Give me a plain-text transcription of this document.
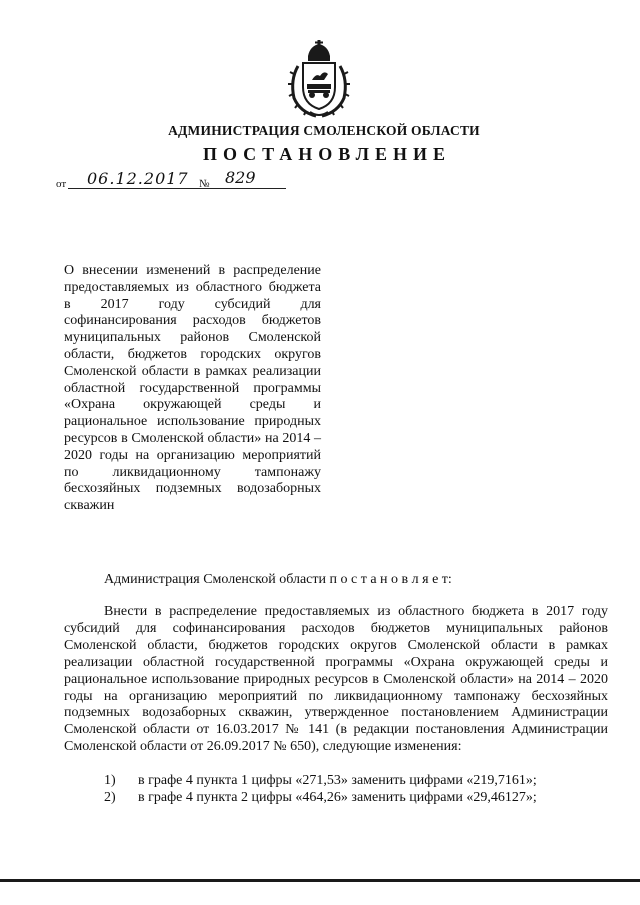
АДМИНИСТРАЦИЯ СМОЛЕНСКОЙ ОБЛАСТИ
ПОСТАНОВЛЕНИЕ
от 06.12.2017 № 829
О внесении изменений в распределение предоставляемых из областного бюджета в 2017 году субсидий для софинансирования расходов бюджетов муниципальных районов Смоленской области, бюджетов городских округов Смоленской области в рамках реализации областной государственной программы «Охрана окружающей среды и рациональное использование природных ресурсов в Смоленской области» на 2014 – 2020 годы на организацию мероприятий по ликвидационному тампонажу бесхозяйных подземных водозаборных скважин
Администрация Смоленской области п о с т а н о в л я е т:
Внести в распределение предоставляемых из областного бюджета в 2017 году субсидий для софинансирования расходов бюджетов муниципальных районов Смоленской области, бюджетов городских округов Смоленской области в рамках реализации областной государственной программы «Охрана окружающей среды и рациональное использование природных ресурсов в Смоленской области» на 2014 – 2020 годы на организацию мероприятий по ликвидационному тампонажу бесхозяйных подземных водозаборных скважин, утвержденное постановлением Администрации Смоленской области от 16.03.2017 № 141 (в редакции постановления Администрации Смоленской области от 26.09.2017 № 650), следующие изменения:
1) в графе 4 пункта 1 цифры «271,53» заменить цифрами «219,7161»;
2) в графе 4 пункта 2 цифры «464,26» заменить цифрами «29,46127»;
